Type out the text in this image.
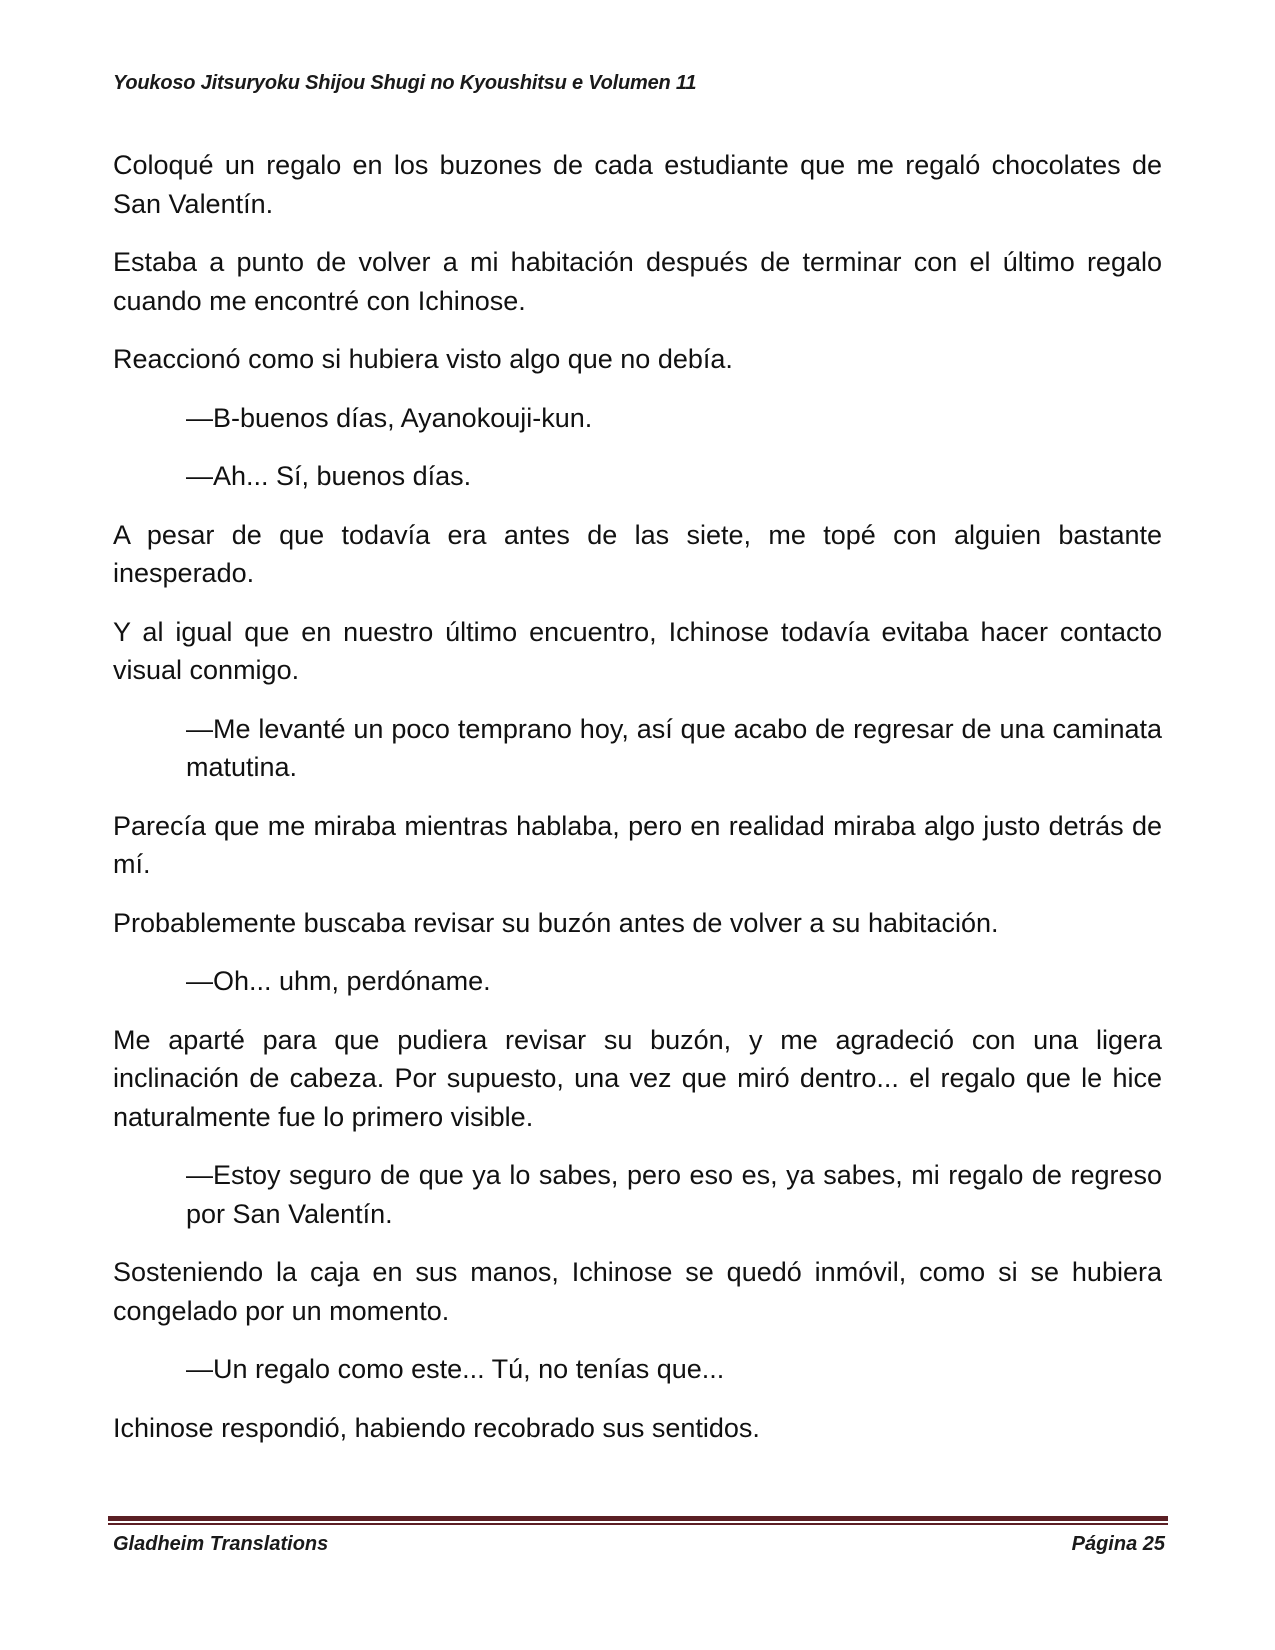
Youkoso Jitsuryoku Shijou Shugi no Kyoushitsu e Volumen 11

Coloqué un regalo en los buzones de cada estudiante que me regaló chocolates de San Valentín.

Estaba a punto de volver a mi habitación después de terminar con el último regalo cuando me encontré con Ichinose.

Reaccionó como si hubiera visto algo que no debía.

—B-buenos días, Ayanokouji-kun.

—Ah... Sí, buenos días.

A pesar de que todavía era antes de las siete, me topé con alguien bastante inesperado.

Y al igual que en nuestro último encuentro, Ichinose todavía evitaba hacer contacto visual conmigo.

—Me levanté un poco temprano hoy, así que acabo de regresar de una caminata matutina.

Parecía que me miraba mientras hablaba, pero en realidad miraba algo justo detrás de mí.

Probablemente buscaba revisar su buzón antes de volver a su habitación.

—Oh... uhm, perdóname.

Me aparté para que pudiera revisar su buzón, y me agradeció con una ligera inclinación de cabeza. Por supuesto, una vez que miró dentro... el regalo que le hice naturalmente fue lo primero visible.

—Estoy seguro de que ya lo sabes, pero eso es, ya sabes, mi regalo de regreso por San Valentín.

Sosteniendo la caja en sus manos, Ichinose se quedó inmóvil, como si se hubiera congelado por un momento.

—Un regalo como este... Tú, no tenías que...

Ichinose respondió, habiendo recobrado sus sentidos.

Gladheim Translations	Página 25
